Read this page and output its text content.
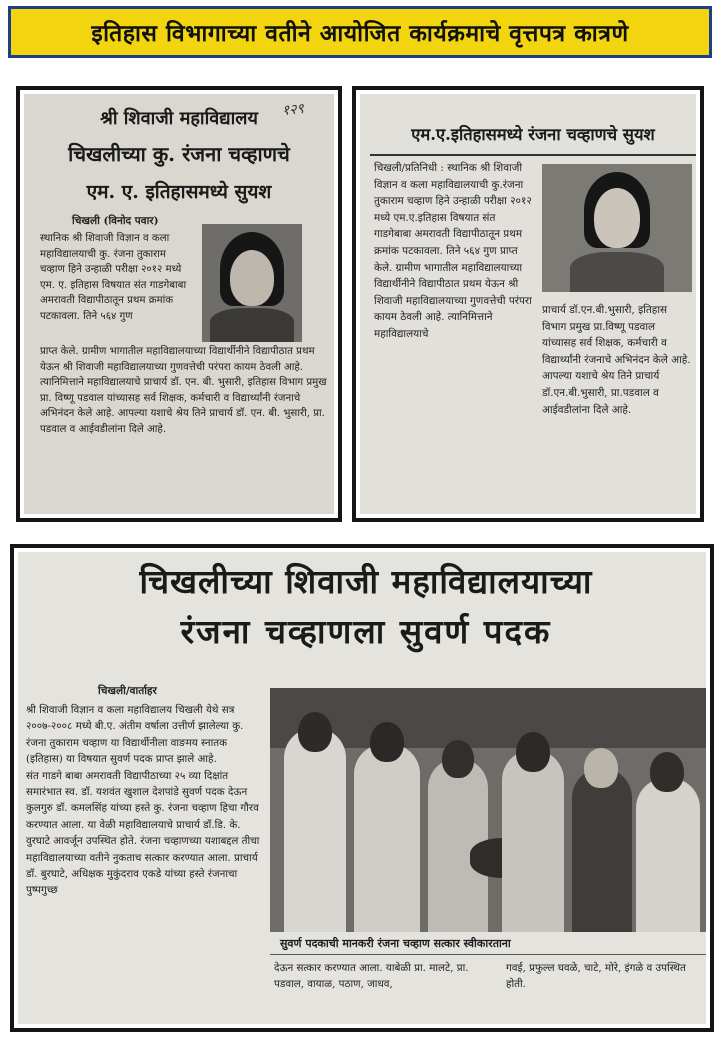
इतिहास विभागाच्या वतीने आयोजित कार्यक्रमाचे वृत्तपत्र कात्रणे
१२९
श्री शिवाजी महाविद्यालय
चिखलीच्या कु. रंजना चव्हाणचे
एम. ए. इतिहासमध्ये सुयश
चिखली (विनोद पवार)
स्थानिक श्री शिवाजी विज्ञान व कला महाविद्यालयाची कु. रंजना तुकाराम चव्हाण हिने उन्हाळी परीक्षा २०१२ मध्ये एम. ए. इतिहास विषयात संत गाडगेबाबा अमरावती विद्यापीठातून प्रथम क्रमांक पटकावला. तिने ५६४ गुण
प्राप्त केले. ग्रामीण भागातील महाविद्यालयाच्या विद्यार्थीनीने विद्यापीठात प्रथम येऊन श्री शिवाजी महाविद्यालयाच्या गुणवत्तेची परंपरा कायम ठेवली आहे. त्यानिमित्ताने महाविद्यालयाचे प्राचार्य डॉ. एन. बी. भुसारी, इतिहास विभाग प्रमुख प्रा. विष्णू पडवाल यांच्यासह सर्व शिक्षक, कर्मचारी व विद्यार्थ्यांनी रंजनाचे अभिनंदन केले आहे. आपल्या यशाचे श्रेय तिने प्राचार्य डॉ. एन. बी. भुसारी, प्रा. पडवाल व आईवडीलांना दिले आहे.
एम.ए.इतिहासमध्ये रंजना चव्हाणचे सुयश
चिखली/प्रतिनिधी : स्थानिक श्री शिवाजी विज्ञान व कला महाविद्यालयाची कु.रंजना तुकाराम चव्हाण हिने उन्हाळी परीक्षा २०१२ मध्ये एम.ए.इतिहास विषयात संत गाडगेबाबा अमरावती विद्यापीठातून प्रथम क्रमांक पटकावला. तिने ५६४ गुण प्राप्त केले. ग्रामीण भागातील महाविद्यालयाच्या विद्यार्थीनीने विद्यापीठात प्रथम येऊन श्री शिवाजी महाविद्यालयाच्या गुणवत्तेची परंपरा कायम ठेवली आहे. त्यानिमित्ताने महाविद्यालयाचे
प्राचार्य डॉ.एन.बी.भुसारी, इतिहास विभाग प्रमुख प्रा.विष्णू पडवाल यांच्यासह सर्व शिक्षक, कर्मचारी व विद्यार्थ्यांनी रंजनाचे अभिनंदन केले आहे. आपल्या यशाचे श्रेय तिने प्राचार्य डॉ.एन.बी.भुसारी, प्रा.पडवाल व आईवडीलांना दिले आहे.
चिखलीच्या शिवाजी महाविद्यालयाच्या
रंजना चव्हाणला सुवर्ण पदक
चिखली/वार्ताहर
श्री शिवाजी विज्ञान व कला महाविद्यालय चिखली येथे सत्र २००७-२००८ मध्ये बी.ए. अंतीम वर्षाला उत्तीर्ण झालेल्या कु. रंजना तुकाराम चव्हाण या विद्यार्थीनीला वाङमय स्नातक (इतिहास) या विषयात सुवर्ण पदक प्राप्त झाले आहे.
संत गाडगे बाबा अमरावती विद्यापीठाच्या २५ व्या दिक्षांत समारंभात स्व. डॉ. यशवंत खुशाल देशपांडे सुवर्ण पदक देऊन कुलगुरु डॉ. कमलसिंह यांच्या हस्ते कु. रंजना चव्हाण हिचा गौरव करण्यात आला. या वेळी महाविद्यालयाचे प्राचार्य डॉ.डि. के. वुरघाटे आवर्जून उपस्थित होते. रंजना चव्हाणच्या यशाबद्दल तीचा महाविद्यालयाच्या वतीने नुकताच सत्कार करण्यात आला. प्राचार्य डॉ. बुरघाटे, अधिक्षक मुकुंदराव एकडे यांच्या हस्ते रंजनाचा पुष्पगुच्छ
सुवर्ण पदकाची मानकरी रंजना चव्हाण सत्कार स्वीकारताना
देऊन सत्कार करण्यात आला. याबेळी प्रा. मालटे, प्रा. पडवाल, वायाळ, पठाण, जाधव,
गवई, प्रफुल्ल घवळे, चाटे, मोरे, इंगळे व उपस्थित होती.
